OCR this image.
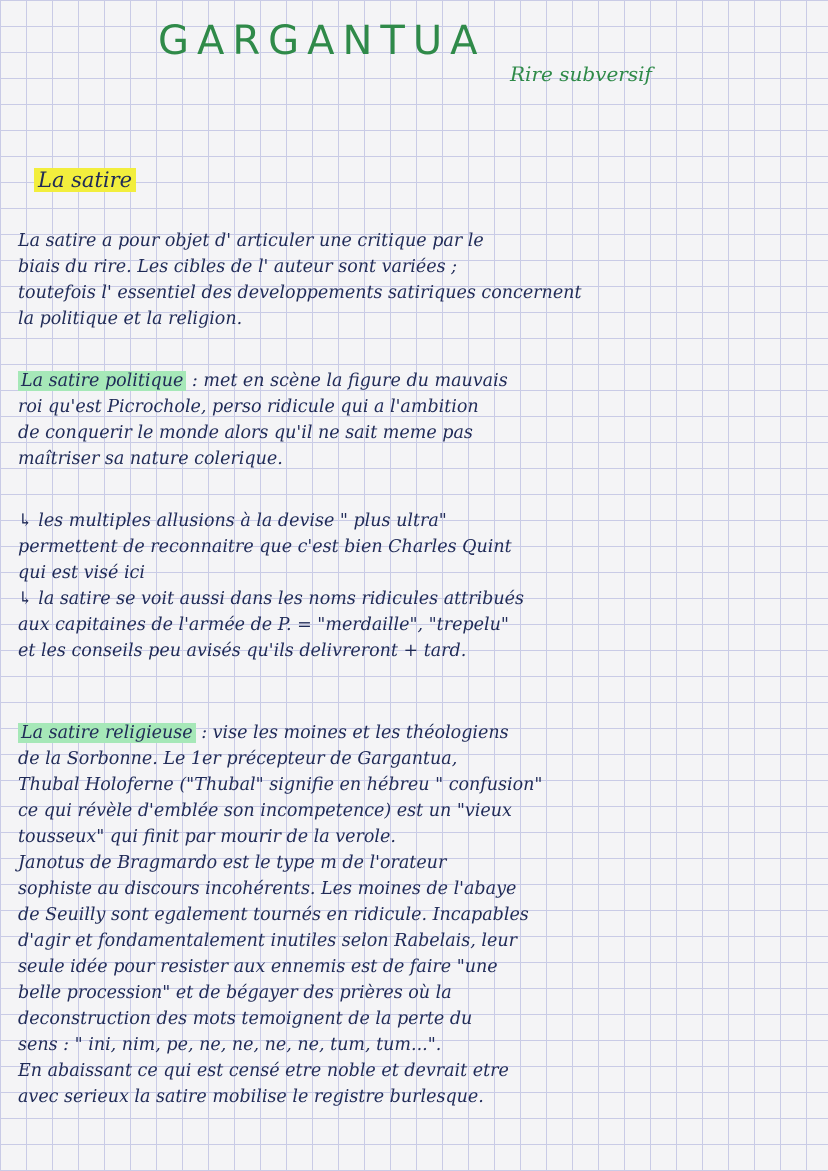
GARGANTUA
Rire subversif
La satire

La satire a pour objet d' articuler une critique par le
biais du rire. Les cibles de l' auteur sont variées ;
toutefois l' essentiel des developpements satiriques concernent
la politique et la religion.

La satire politique : met en scène la figure du mauvais
roi qu'est Picrochole, perso ridicule qui a l'ambition
de conquerir le monde alors qu'il ne sait meme pas
maîtriser sa nature colerique.

↳ les multiples allusions à la devise " plus ultra"
permettent de reconnaitre que c'est bien Charles Quint
qui est visé ici
↳ la satire se voit aussi dans les noms ridicules attribués
aux capitaines de l'armée de P. = "merdaille", "trepelu"
et les conseils peu avisés qu'ils delivreront + tard.

La satire religieuse : vise les moines et les théologiens
de la Sorbonne. Le 1er précepteur de Gargantua,
Thubal Holoferne ("Thubal" signifie en hébreu " confusion"
ce qui révèle d'emblée son incompetence) est un "vieux
tousseux" qui finit par mourir de la verole.
Janotus de Bragmardo est le type m de l'orateur
sophiste au discours incohérents. Les moines de l'abaye
de Seuilly sont egalement tournés en ridicule. Incapables
d'agir et fondamentalement inutiles selon Rabelais, leur
seule idée pour resister aux ennemis est de faire "une
belle procession" et de bégayer des prières où la
deconstruction des mots temoignent de la perte du
sens : " ini, nim, pe, ne, ne, ne, ne, tum, tum...".
En abaissant ce qui est censé etre noble et devrait etre
avec serieux la satire mobilise le registre burlesque.
